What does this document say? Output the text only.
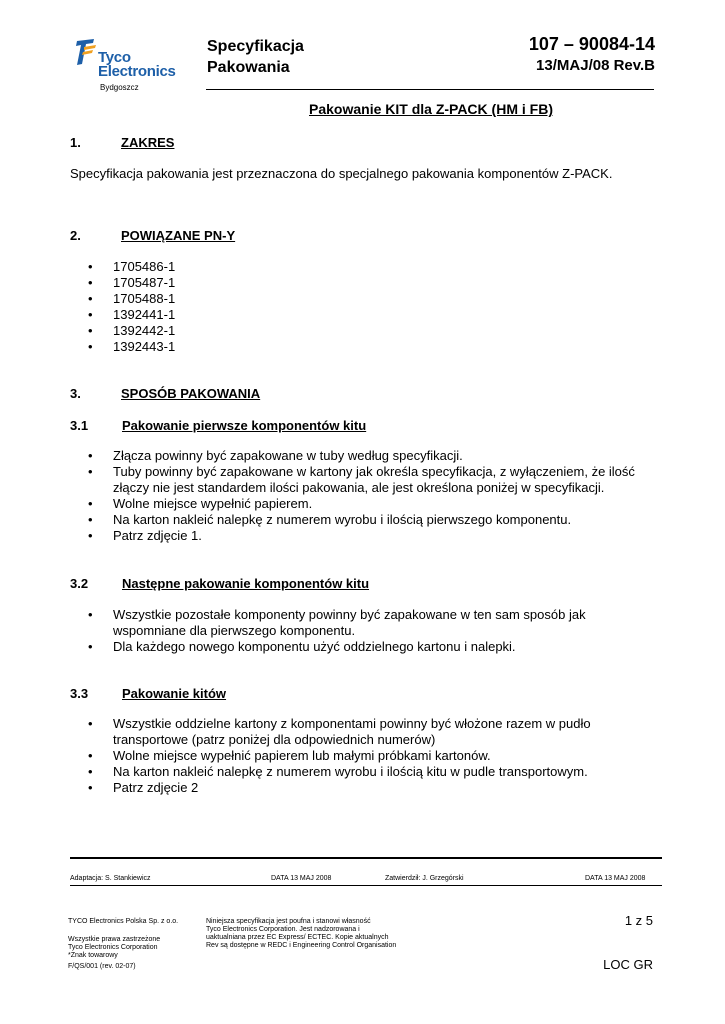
Tyco
Electronics
Bydgoszcz
Specyfikacja
Pakowania
107 – 90084-14
13/MAJ/08 Rev.B
Pakowanie KIT dla Z-PACK (HM i FB)
1.	ZAKRES
Specyfikacja pakowania jest przeznaczona do specjalnego pakowania komponentów Z-PACK.
2.	POWIĄZANE PN-Y
• 1705486-1
• 1705487-1
• 1705488-1
• 1392441-1
• 1392442-1
• 1392443-1
3.	SPOSÓB PAKOWANIA
3.1	Pakowanie pierwsze komponentów kitu
• Złącza powinny być zapakowane w tuby według specyfikacji.
• Tuby powinny być zapakowane w kartony jak określa specyfikacja, z wyłączeniem, że ilość złączy nie jest standardem ilości pakowania, ale jest określona poniżej w specyfikacji.
• Wolne miejsce wypełnić papierem.
• Na karton nakleić nalepkę z numerem wyrobu i ilością pierwszego komponentu.
• Patrz zdjęcie 1.
3.2	Następne pakowanie komponentów kitu
• Wszystkie pozostałe komponenty powinny być zapakowane w ten sam sposób jak wspomniane dla pierwszego komponentu.
• Dla każdego nowego komponentu użyć oddzielnego kartonu i nalepki.
3.3	Pakowanie kitów
• Wszystkie oddzielne kartony z komponentami powinny być włożone razem w pudło transportowe (patrz poniżej dla odpowiednich numerów)
• Wolne miejsce wypełnić papierem lub małymi próbkami kartonów.
• Na karton nakleić nalepkę z numerem wyrobu i ilością kitu w pudle transportowym.
• Patrz zdjęcie 2
Adaptacja: S. Stankiewicz	DATA 13 MAJ 2008	Zatwierdził: J. Grzegórski	DATA 13 MAJ 2008
TYCO Electronics Polska Sp. z o.o.
Wszystkie prawa zastrzeżone
Tyco Electronics Corporation
*Znak towarowy
F/QS/001 (rev. 02-07)
Niniejsza specyfikacja jest poufna i stanowi własność
Tyco Electronics Corporation. Jest nadzorowana i
uaktualniana przez EC Express/ ECTEC. Kopie aktualnych
Rev są dostępne w REDC i Engineering Control Organisation
1 z 5
LOC GR
